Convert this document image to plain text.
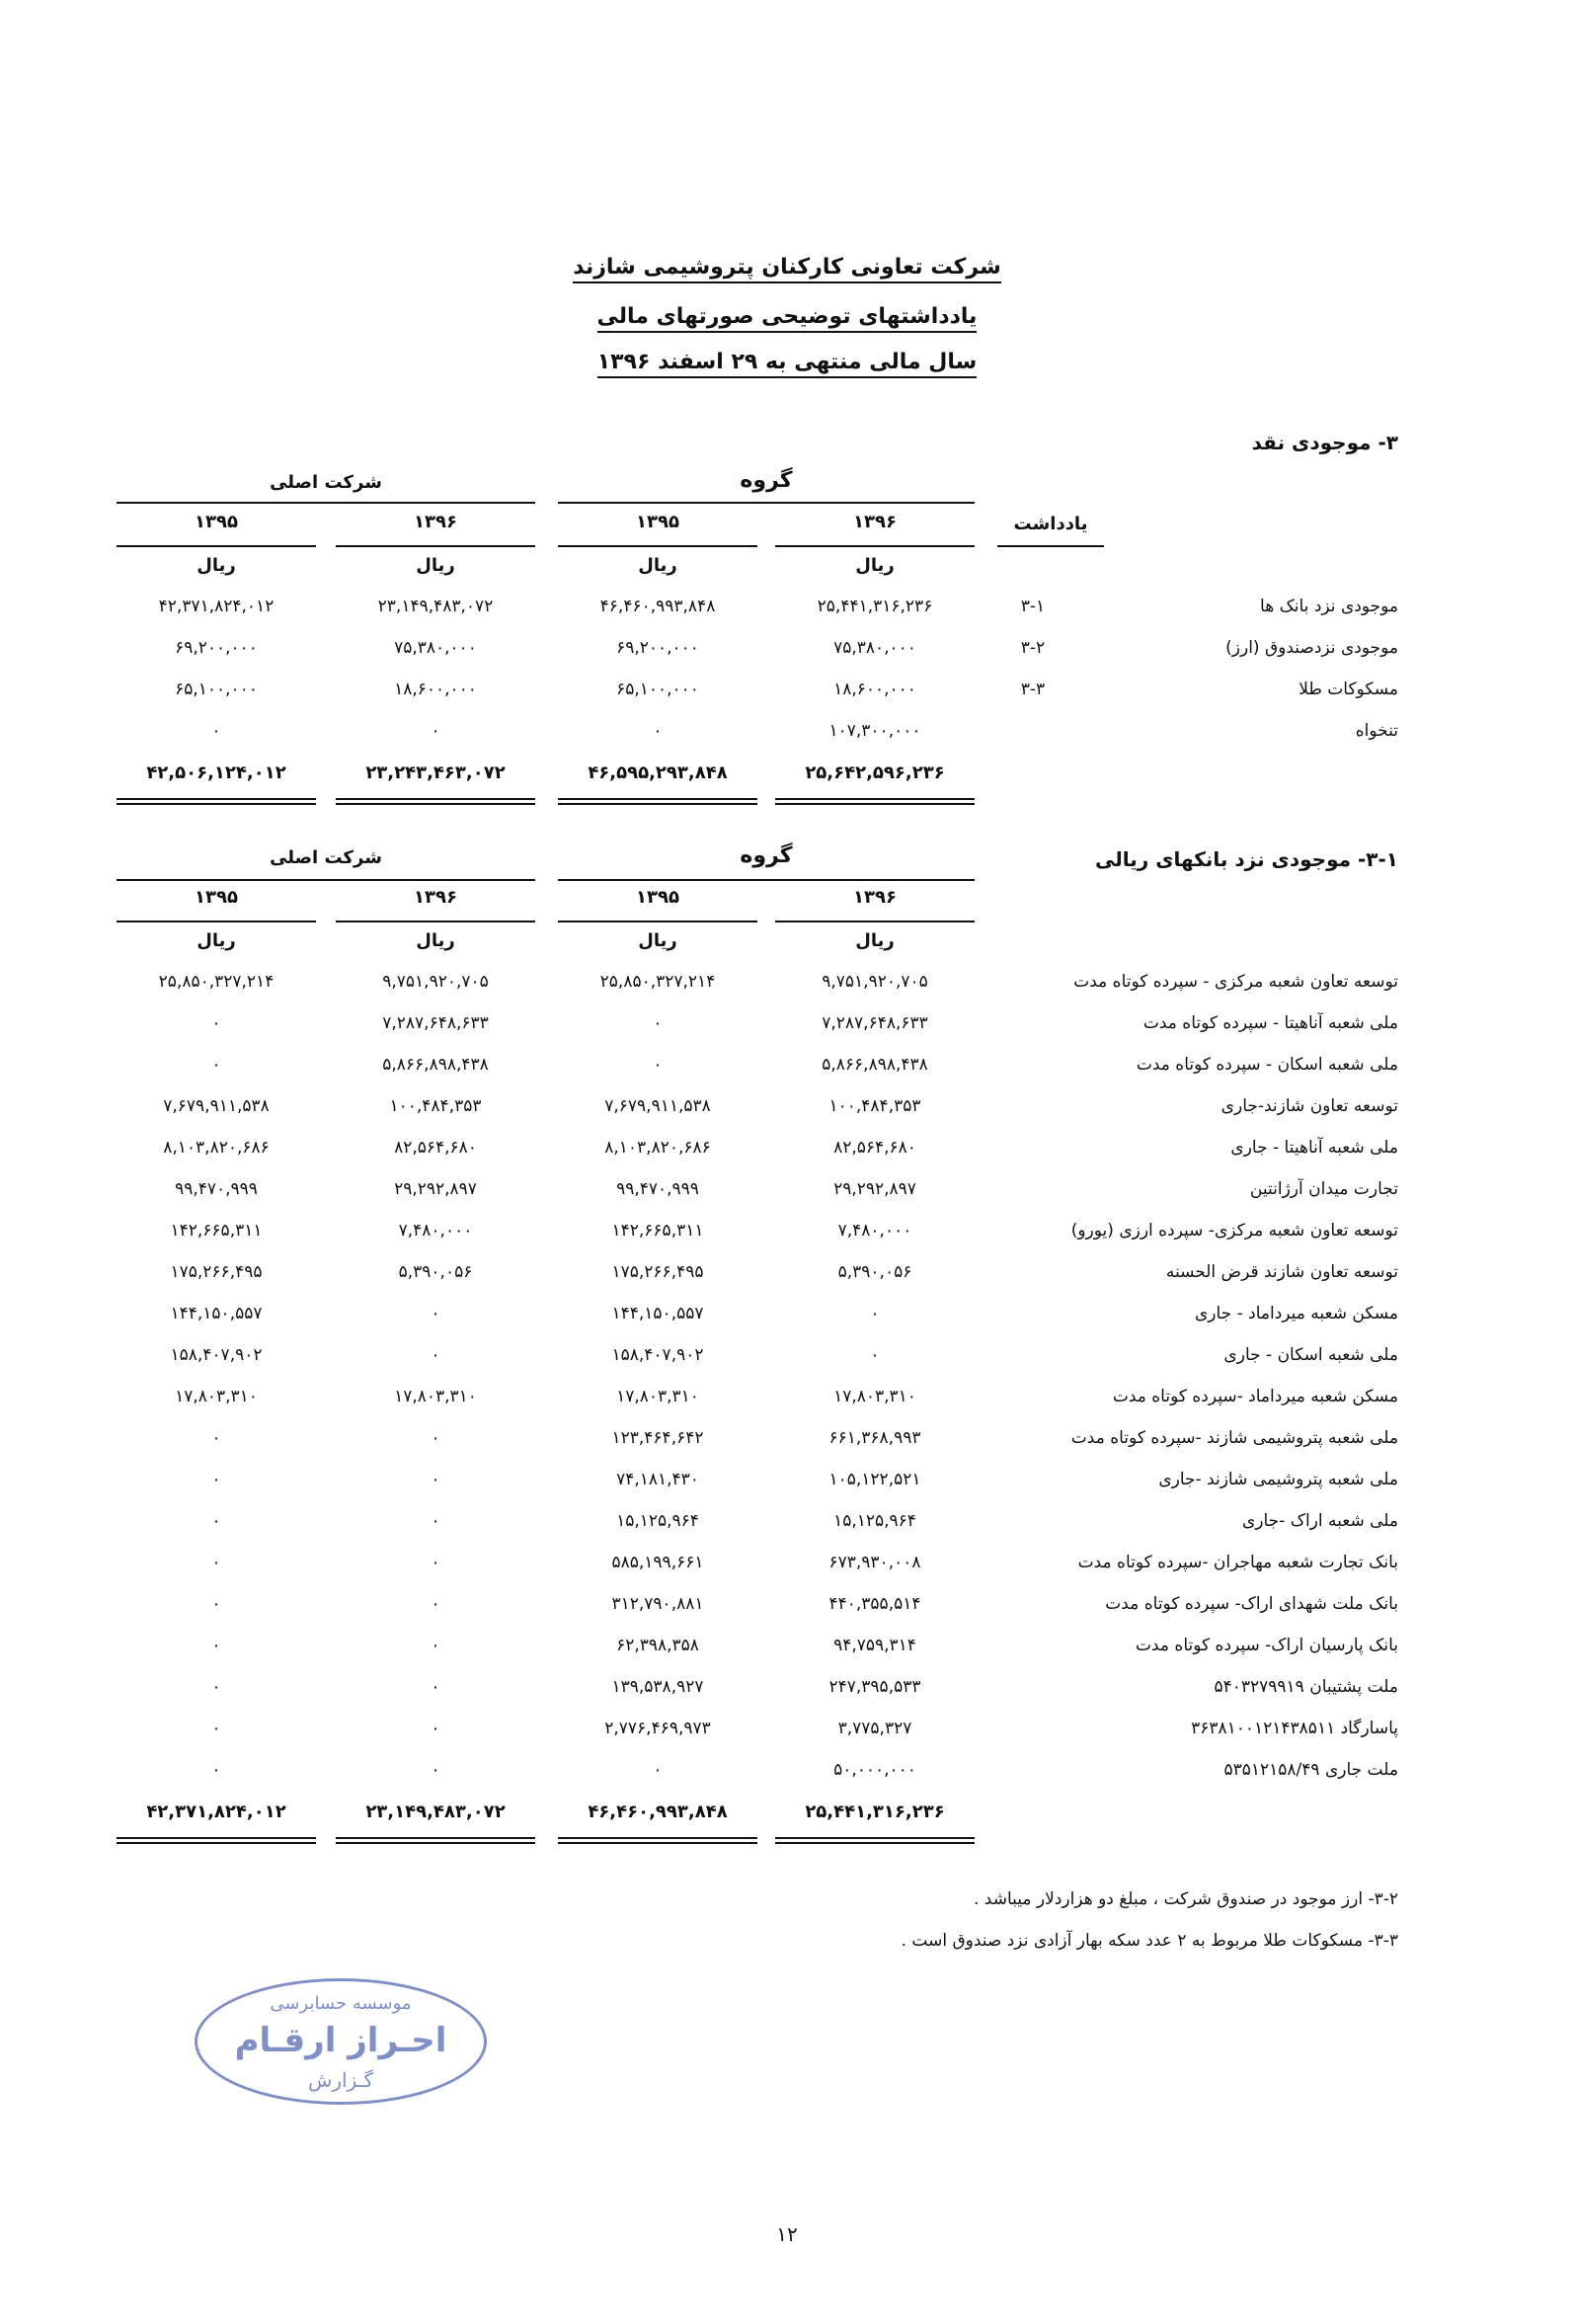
شرکت تعاونی کارکنان پتروشیمی شازند
یادداشتهای توضیحی صورتهای مالی
سال مالی منتهی به ۲۹ اسفند ۱۳۹۶
۳- موجودی نقد
گروه
شرکت اصلی
یادداشت
۱۳۹۶
۱۳۹۵
۱۳۹۶
۱۳۹۵
ریال
ریال
ریال
ریال
موجودی نزد بانک ها
۳-۱
۲۵,۴۴۱,۳۱۶,۲۳۶
۴۶,۴۶۰,۹۹۳,۸۴۸
۲۳,۱۴۹,۴۸۳,۰۷۲
۴۲,۳۷۱,۸۲۴,۰۱۲
موجودی نزدصندوق (ارز)
۳-۲
۷۵,۳۸۰,۰۰۰
۶۹,۲۰۰,۰۰۰
۷۵,۳۸۰,۰۰۰
۶۹,۲۰۰,۰۰۰
مسکوکات طلا
۳-۳
۱۸,۶۰۰,۰۰۰
۶۵,۱۰۰,۰۰۰
۱۸,۶۰۰,۰۰۰
۶۵,۱۰۰,۰۰۰
تنخواه
۱۰۷,۳۰۰,۰۰۰
۰
۰
۰
۲۵,۶۴۲,۵۹۶,۲۳۶
۴۶,۵۹۵,۲۹۳,۸۴۸
۲۳,۲۴۳,۴۶۳,۰۷۲
۴۲,۵۰۶,۱۲۴,۰۱۲
۳-۱- موجودی نزد بانکهای ریالی
گروه
شرکت اصلی
۱۳۹۶
۱۳۹۵
۱۳۹۶
۱۳۹۵
ریال
ریال
ریال
ریال
توسعه تعاون شعبه مرکزی - سپرده کوتاه مدت
۹,۷۵۱,۹۲۰,۷۰۵
۲۵,۸۵۰,۳۲۷,۲۱۴
۹,۷۵۱,۹۲۰,۷۰۵
۲۵,۸۵۰,۳۲۷,۲۱۴
ملی شعبه آناهیتا - سپرده کوتاه مدت
۷,۲۸۷,۶۴۸,۶۳۳
۰
۷,۲۸۷,۶۴۸,۶۳۳
۰
ملی شعبه اسکان - سپرده کوتاه مدت
۵,۸۶۶,۸۹۸,۴۳۸
۰
۵,۸۶۶,۸۹۸,۴۳۸
۰
توسعه تعاون شازند-جاری
۱۰۰,۴۸۴,۳۵۳
۷,۶۷۹,۹۱۱,۵۳۸
۱۰۰,۴۸۴,۳۵۳
۷,۶۷۹,۹۱۱,۵۳۸
ملی شعبه آناهیتا - جاری
۸۲,۵۶۴,۶۸۰
۸,۱۰۳,۸۲۰,۶۸۶
۸۲,۵۶۴,۶۸۰
۸,۱۰۳,۸۲۰,۶۸۶
تجارت میدان آرژانتین
۲۹,۲۹۲,۸۹۷
۹۹,۴۷۰,۹۹۹
۲۹,۲۹۲,۸۹۷
۹۹,۴۷۰,۹۹۹
توسعه تعاون شعبه مرکزی- سپرده ارزی (یورو)
۷,۴۸۰,۰۰۰
۱۴۲,۶۶۵,۳۱۱
۷,۴۸۰,۰۰۰
۱۴۲,۶۶۵,۳۱۱
توسعه تعاون شازند قرض الحسنه
۵,۳۹۰,۰۵۶
۱۷۵,۲۶۶,۴۹۵
۵,۳۹۰,۰۵۶
۱۷۵,۲۶۶,۴۹۵
مسکن شعبه میرداماد - جاری
۰
۱۴۴,۱۵۰,۵۵۷
۰
۱۴۴,۱۵۰,۵۵۷
ملی شعبه اسکان - جاری
۰
۱۵۸,۴۰۷,۹۰۲
۰
۱۵۸,۴۰۷,۹۰۲
مسکن شعبه میرداماد -سپرده کوتاه مدت
۱۷,۸۰۳,۳۱۰
۱۷,۸۰۳,۳۱۰
۱۷,۸۰۳,۳۱۰
۱۷,۸۰۳,۳۱۰
ملی شعبه پتروشیمی شازند -سپرده کوتاه مدت
۶۶۱,۳۶۸,۹۹۳
۱۲۳,۴۶۴,۶۴۲
۰
۰
ملی شعبه پتروشیمی شازند -جاری
۱۰۵,۱۲۲,۵۲۱
۷۴,۱۸۱,۴۳۰
۰
۰
ملی شعبه اراک -جاری
۱۵,۱۲۵,۹۶۴
۱۵,۱۲۵,۹۶۴
۰
۰
بانک تجارت شعبه مهاجران -سپرده کوتاه مدت
۶۷۳,۹۳۰,۰۰۸
۵۸۵,۱۹۹,۶۶۱
۰
۰
بانک ملت شهدای اراک- سپرده کوتاه مدت
۴۴۰,۳۵۵,۵۱۴
۳۱۲,۷۹۰,۸۸۱
۰
۰
بانک پارسیان اراک- سپرده کوتاه مدت
۹۴,۷۵۹,۳۱۴
۶۲,۳۹۸,۳۵۸
۰
۰
ملت پشتیبان ۵۴۰۳۲۷۹۹۱۹
۲۴۷,۳۹۵,۵۳۳
۱۳۹,۵۳۸,۹۲۷
۰
۰
پاسارگاد ۳۶۳۸۱۰۰۱۲۱۴۳۸۵۱۱
۳,۷۷۵,۳۲۷
۲,۷۷۶,۴۶۹,۹۷۳
۰
۰
ملت جاری ۵۳۵۱۲۱۵۸/۴۹
۵۰,۰۰۰,۰۰۰
۰
۰
۰
۲۵,۴۴۱,۳۱۶,۲۳۶
۴۶,۴۶۰,۹۹۳,۸۴۸
۲۳,۱۴۹,۴۸۳,۰۷۲
۴۲,۳۷۱,۸۲۴,۰۱۲
۳-۲- ارز موجود در صندوق شرکت ، مبلغ دو هزاردلار میباشد .
۳-۳- مسکوکات طلا مربوط به ۲ عدد سکه بهار آزادی نزد صندوق است .
موسسه حسابرسی
احـراز ارقـام
گـزارش
۱۲
